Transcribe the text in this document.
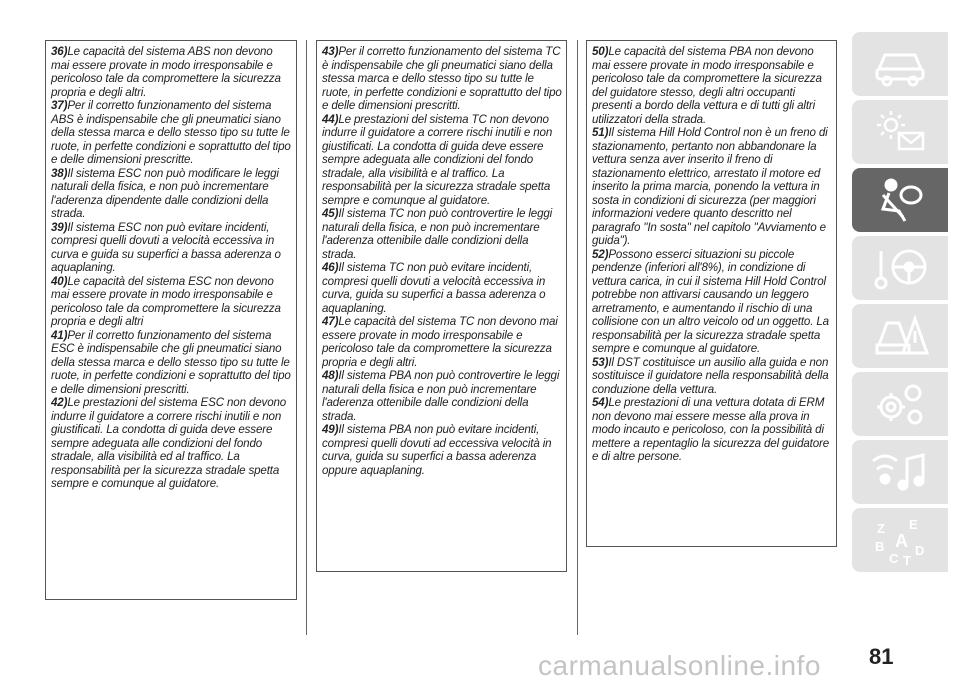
36)Le capacità del sistema ABS non devono mai essere provate in modo irresponsabile e pericoloso tale da compromettere la sicurezza propria e degli altri.

37)Per il corretto funzionamento del sistema ABS è indispensabile che gli pneumatici siano della stessa marca e dello stesso tipo su tutte le ruote, in perfette condizioni e soprattutto del tipo e delle dimensioni prescritte.

38)Il sistema ESC non può modificare le leggi naturali della fisica, e non può incrementare l'aderenza dipendente dalle condizioni della strada.

39)Il sistema ESC non può evitare incidenti, compresi quelli dovuti a velocità eccessiva in curva e guida su superfici a bassa aderenza o aquaplaning.

40)Le capacità del sistema ESC non devono mai essere provate in modo irresponsabile e pericoloso tale da compromettere la sicurezza propria e degli altri

41)Per il corretto funzionamento del sistema ESC è indispensabile che gli pneumatici siano della stessa marca e dello stesso tipo su tutte le ruote, in perfette condizioni e soprattutto del tipo e delle dimensioni prescritti.

42)Le prestazioni del sistema ESC non devono indurre il guidatore a correre rischi inutili e non giustificati. La condotta di guida deve essere sempre adeguata alle condizioni del fondo stradale, alla visibilità ed al traffico. La responsabilità per la sicurezza stradale spetta sempre e comunque al guidatore.

43)Per il corretto funzionamento del sistema TC è indispensabile che gli pneumatici siano della stessa marca e dello stesso tipo su tutte le ruote, in perfette condizioni e soprattutto del tipo e delle dimensioni prescritti.

44)Le prestazioni del sistema TC non devono indurre il guidatore a correre rischi inutili e non giustificati. La condotta di guida deve essere sempre adeguata alle condizioni del fondo stradale, alla visibilità e al traffico. La responsabilità per la sicurezza stradale spetta sempre e comunque al guidatore.

45)Il sistema TC non può controvertire le leggi naturali della fisica, e non può incrementare l'aderenza ottenibile dalle condizioni della strada.

46)Il sistema TC non può evitare incidenti, compresi quelli dovuti a velocità eccessiva in curva, guida su superfici a bassa aderenza o aquaplaning.

47)Le capacità del sistema TC non devono mai essere provate in modo irresponsabile e pericoloso tale da compromettere la sicurezza propria e degli altri.

48)Il sistema PBA non può controvertire le leggi naturali della fisica e non può incrementare l'aderenza ottenibile dalle condizioni della strada.

49)Il sistema PBA non può evitare incidenti, compresi quelli dovuti ad eccessiva velocità in curva, guida su superfici a bassa aderenza oppure aquaplaning.

50)Le capacità del sistema PBA non devono mai essere provate in modo irresponsabile e pericoloso tale da compromettere la sicurezza del guidatore stesso, degli altri occupanti presenti a bordo della vettura e di tutti gli altri utilizzatori della strada.

51)Il sistema Hill Hold Control non è un freno di stazionamento, pertanto non abbandonare la vettura senza aver inserito il freno di stazionamento elettrico, arrestato il motore ed inserito la prima marcia, ponendo la vettura in sosta in condizioni di sicurezza (per maggiori informazioni vedere quanto descritto nel paragrafo "In sosta" nel capitolo "Avviamento e guida").

52)Possono esserci situazioni su piccole pendenze (inferiori all'8%), in condizione di vettura carica, in cui il sistema Hill Hold Control potrebbe non attivarsi causando un leggero arretramento, e aumentando il rischio di una collisione con un altro veicolo od un oggetto. La responsabilità per la sicurezza stradale spetta sempre e comunque al guidatore.

53)Il DST costituisce un ausilio alla guida e non sostituisce il guidatore nella responsabilità della conduzione della vettura.

54)Le prestazioni di una vettura dotata di ERM non devono mai essere messe alla prova in modo incauto e pericoloso, con la possibilità di mettere a repentaglio la sicurezza del guidatore e di altre persone.

Z E
B A
C
D
T
81
carmanualsonline.info
